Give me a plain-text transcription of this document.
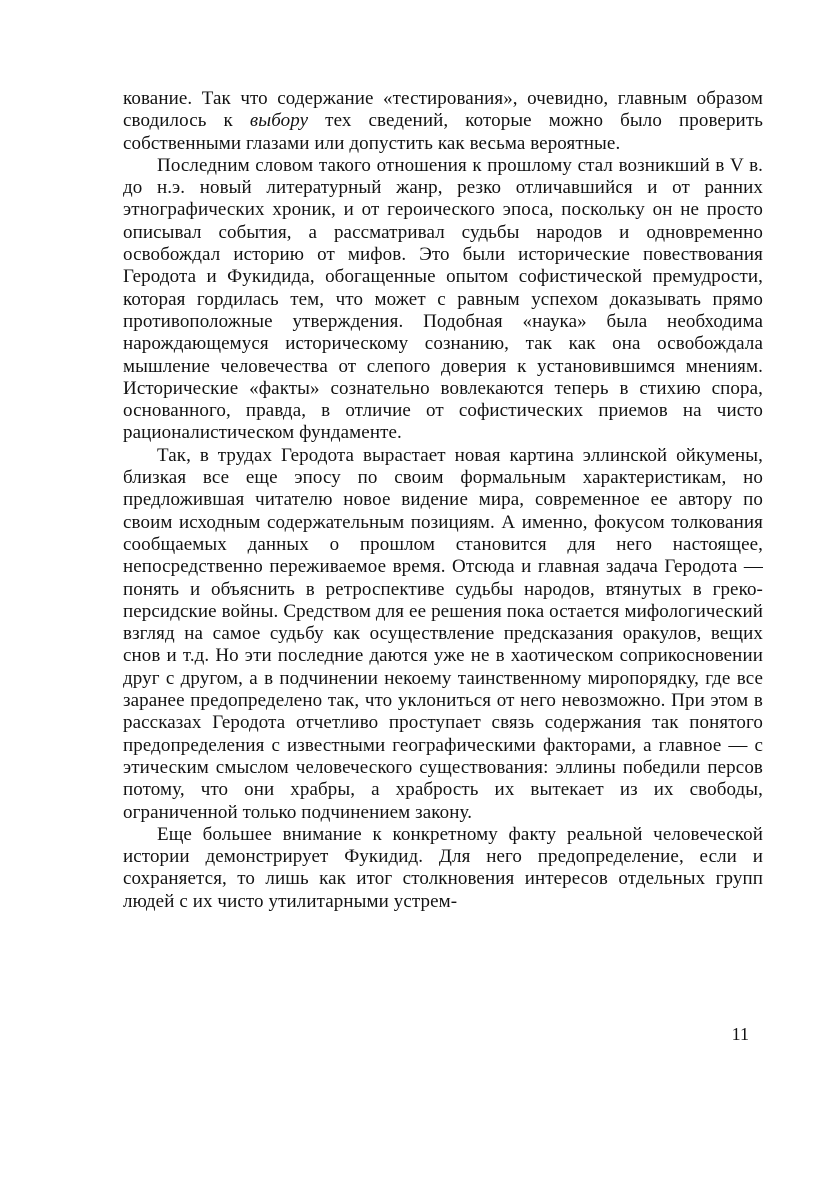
кование. Так что содержание «тестирования», очевидно, главным образом сводилось к выбору тех сведений, которые можно было проверить собственными глазами или допустить как весьма вероятные.

Последним словом такого отношения к прошлому стал возникший в V в. до н.э. новый литературный жанр, резко отличавшийся и от ранних этнографических хроник, и от героического эпоса, поскольку он не просто описывал события, а рассматривал судьбы народов и одновременно освобождал историю от мифов. Это были исторические повествования Геродота и Фукидида, обогащенные опытом софистической премудрости, которая гордилась тем, что может с равным успехом доказывать прямо противоположные утверждения. Подобная «наука» была необходима нарождающемуся историческому сознанию, так как она освобождала мышление человечества от слепого доверия к установившимся мнениям. Исторические «факты» сознательно вовлекаются теперь в стихию спора, основанного, правда, в отличие от софистических приемов на чисто рационалистическом фундаменте.

Так, в трудах Геродота вырастает новая картина эллинской ойкумены, близкая все еще эпосу по своим формальным характеристикам, но предложившая читателю новое видение мира, современное ее автору по своим исходным содержательным позициям. А именно, фокусом толкования сообщаемых данных о прошлом становится для него настоящее, непосредственно переживаемое время. Отсюда и главная задача Геродота — понять и объяснить в ретроспективе судьбы народов, втянутых в греко-персидские войны. Средством для ее решения пока остается мифологический взгляд на самое судьбу как осуществление предсказания оракулов, вещих снов и т.д. Но эти последние даются уже не в хаотическом соприкосновении друг с другом, а в подчинении некоему таинственному миропорядку, где все заранее предопределено так, что уклониться от него невозможно. При этом в рассказах Геродота отчетливо проступает связь содержания так понятого предопределения с известными географическими факторами, а главное — с этическим смыслом человеческого существования: эллины победили персов потому, что они храбры, а храбрость их вытекает из их свободы, ограниченной только подчинением закону.

Еще большее внимание к конкретному факту реальной человеческой истории демонстрирует Фукидид. Для него предопределение, если и сохраняется, то лишь как итог столкновения интересов отдельных групп людей с их чисто утилитарными устрем-

11
